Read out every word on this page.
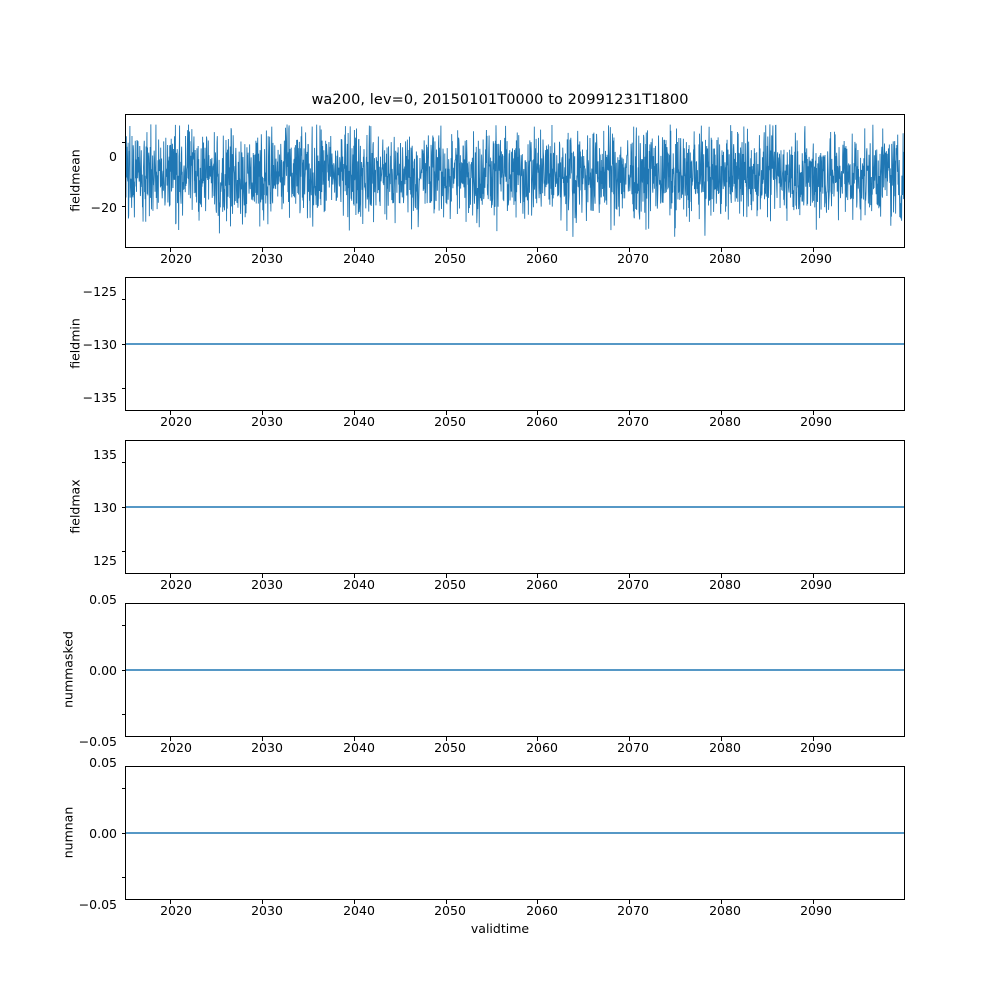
wa200, lev=0, 20150101T0000 to 20991231T1800
fieldmean	0
−20
2020	2030	2040	2050	2060	2070	2080	2090
fieldmin
−125
−130
−135
2020	2030	2040	2050	2060	2070	2080	2090
fieldmax
135
130
125
2020	2030	2040	2050	2060	2070	2080	2090
nummasked
0.05
0.00
−0.05	2020	2030	2040	2050	2060	2070	2080	2090
numnan
0.05
0.00
−0.05	2020	2030	2040	2050	2060	2070	2080	2090
validtime
